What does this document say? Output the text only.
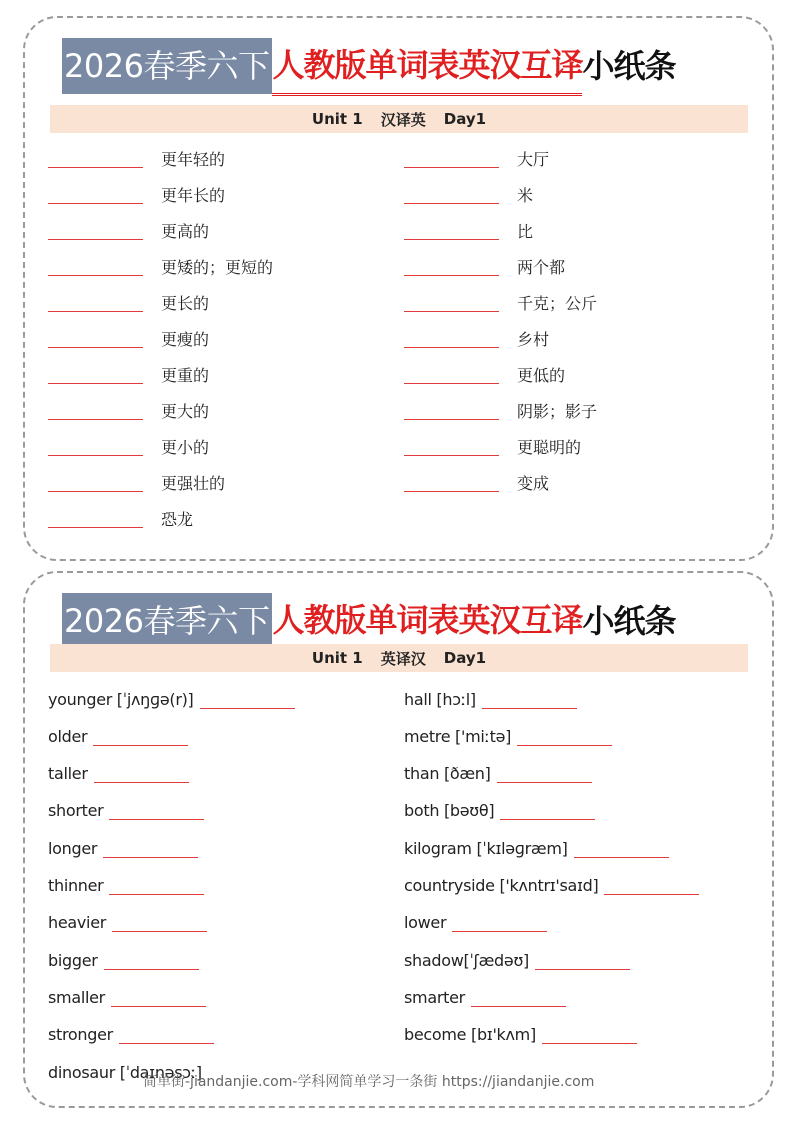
2026春季六下 人教版单词表英汉互译 小纸条
Unit 1 汉译英 Day1
2026春季六下 人教版单词表英汉互译 小纸条
Unit 1 英译汉 Day1
更年轻的
更年长的
更高的
更矮的；更短的
更长的
更瘦的
更重的
更大的
更小的
更强壮的
恐龙
大厅
米
比
两个都
千克；公斤
乡村
更低的
阴影；影子
更聪明的
变成
younger [ˈjʌŋɡə(r)]
older
taller
shorter
longer
thinner
heavier
bigger
smaller
stronger
dinosaur [ˈdaɪnəsɔː]
hall [hɔːl]
metre ['miːtə]
than [ðæn]
both [bəʊθ]
kilogram [ˈkɪləɡræm]
countryside ['kʌntrɪ'saɪd]
lower
shadow[ˈʃædəʊ]
smarter
become [bɪ'kʌm]
简单街-jiandanjie.com-学科网简单学习一条街 https://jiandanjie.com
